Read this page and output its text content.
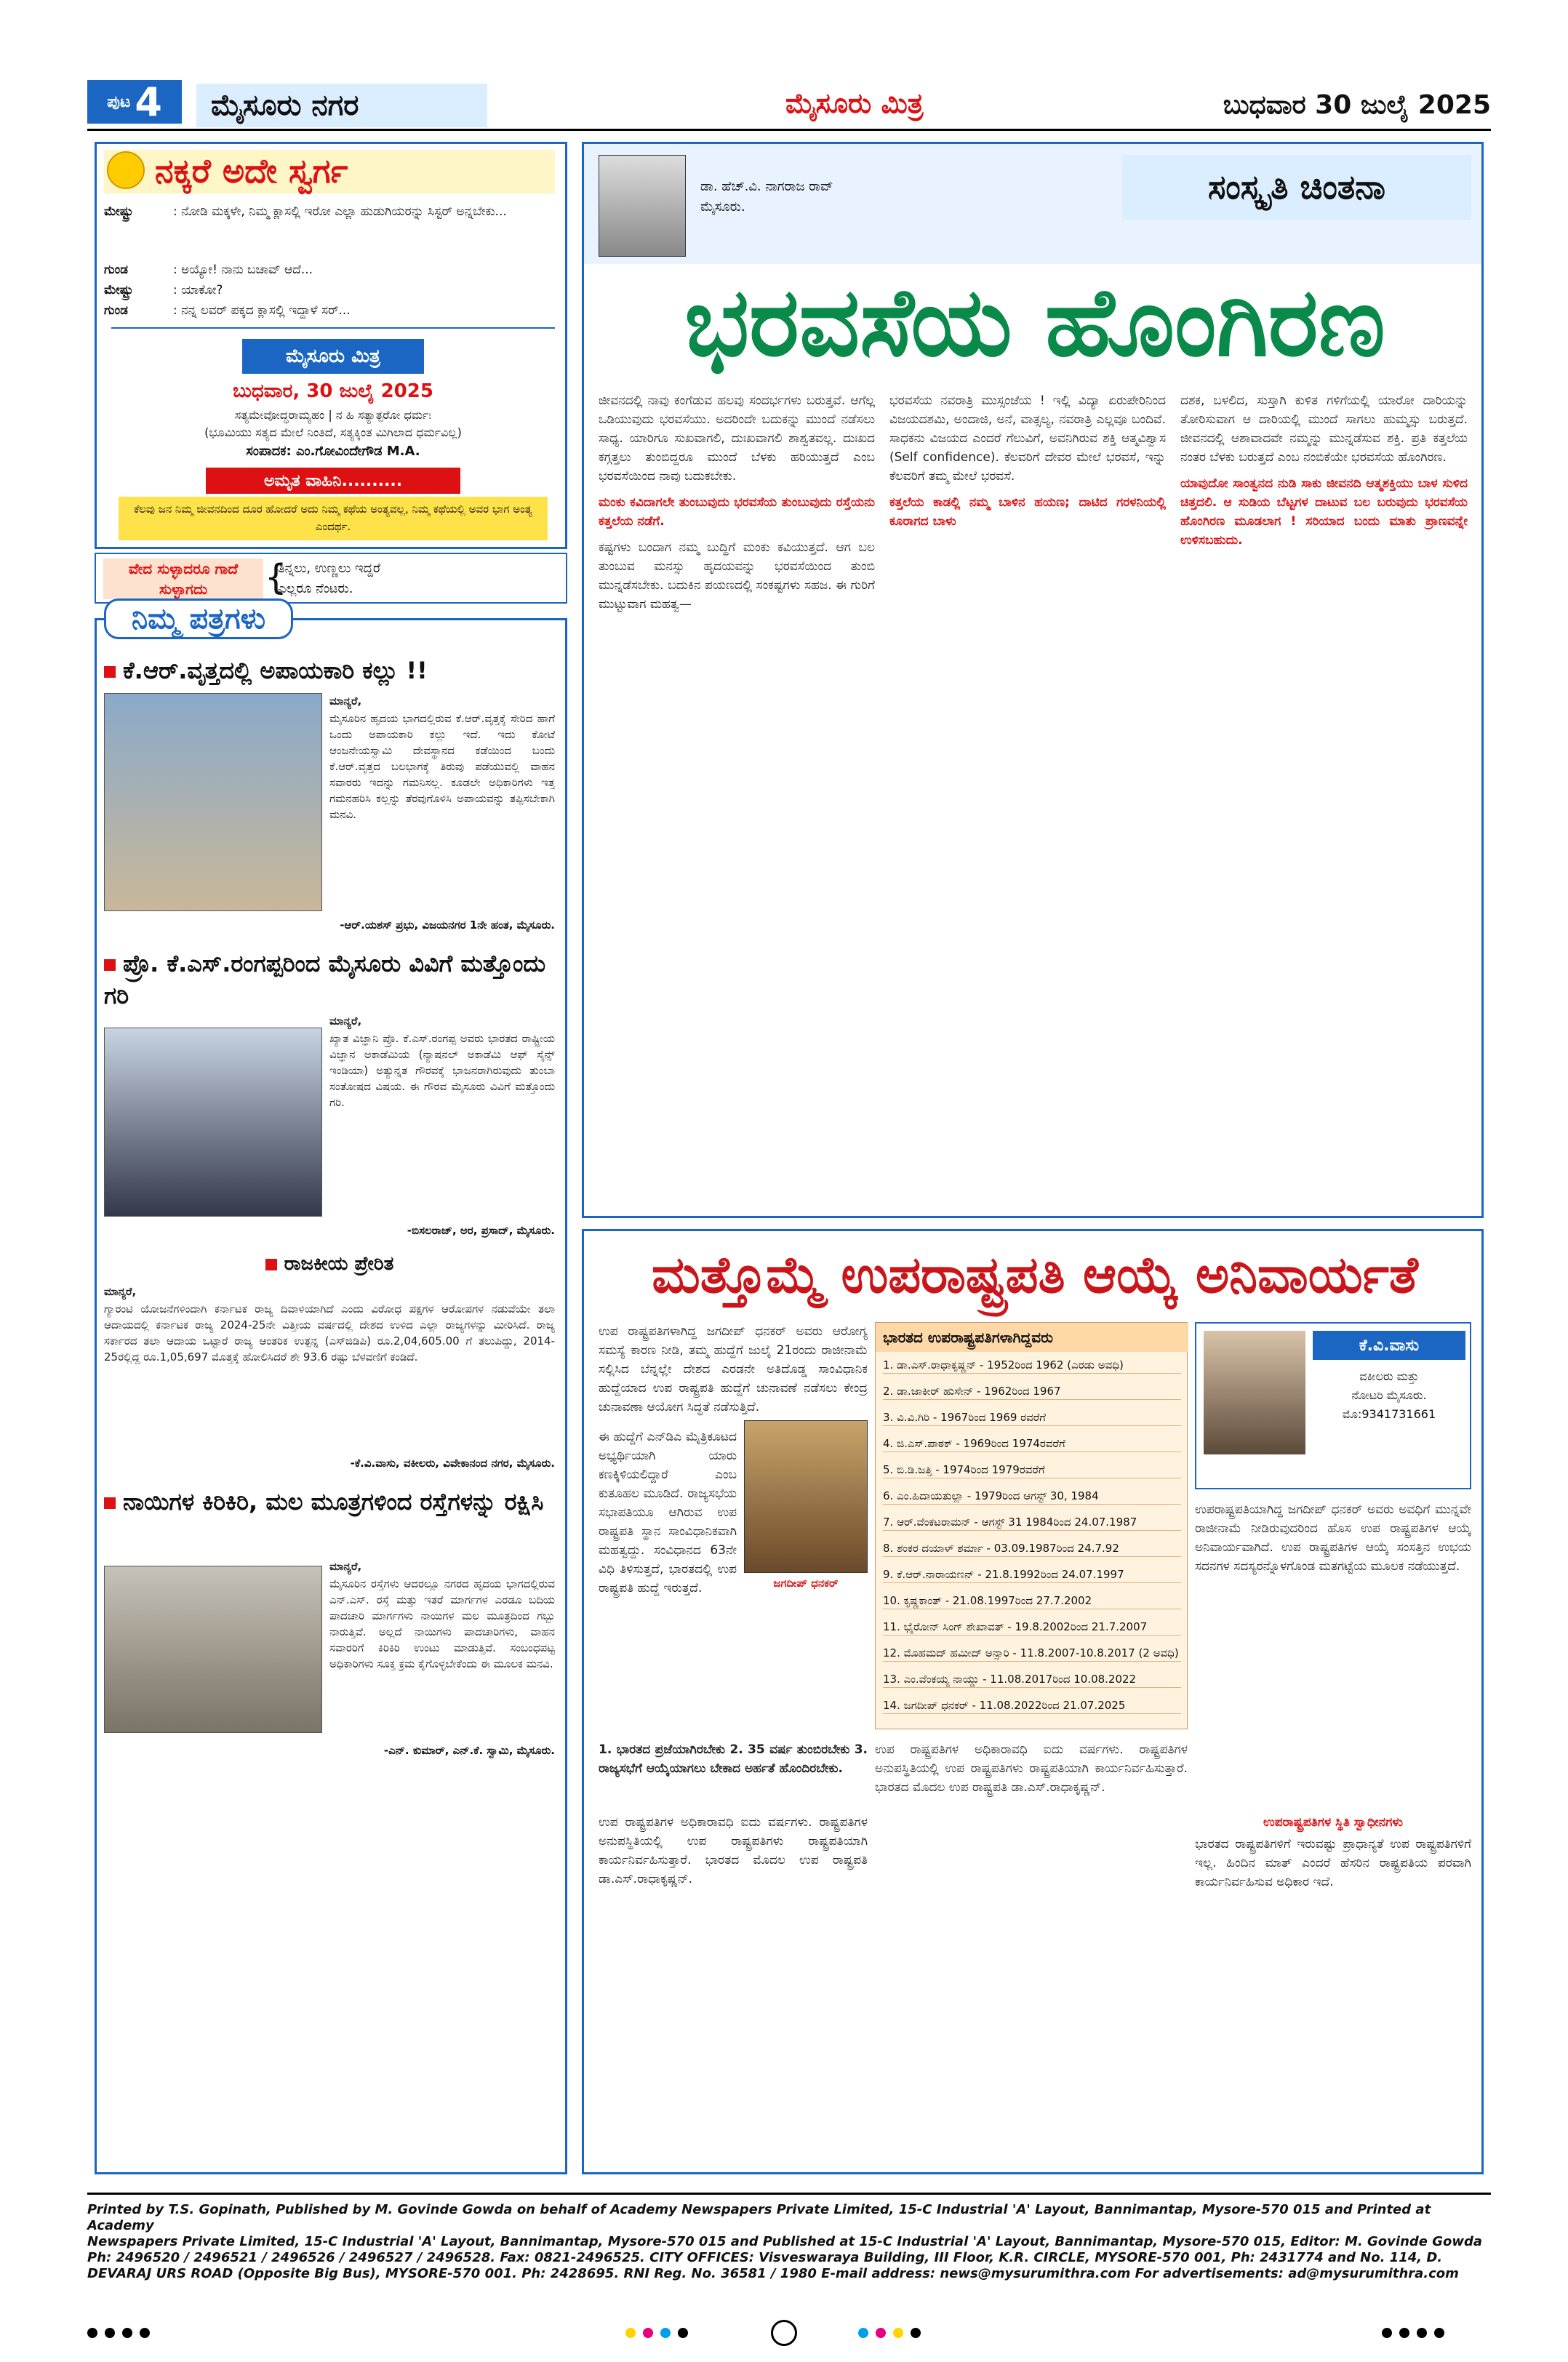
ಪುಟ 4	ಮೈಸೂರು ನಗರ	ಮೈಸೂರು ಮಿತ್ರ	ಬುಧವಾರ 30 ಜುಲೈ 2025
ನಕ್ಕರೆ ಅದೇ ಸ್ವರ್ಗ
ಮೇಷ್ಟ್ರು	: ನೋಡಿ ಮಕ್ಕಳೇ, ನಿಮ್ಮ ಕ್ಲಾಸಲ್ಲಿ ಇರೋ ಎಲ್ಲಾ ಹುಡುಗಿಯರನ್ನು ಸಿಸ್ಟರ್ ಅನ್ನಬೇಕು...
ಗುಂಡ	: ಅಯ್ಯೋ! ನಾನು ಬಚಾವ್ ಆದೆ...
ಮೇಷ್ಟ್ರು	: ಯಾಕೋ?
ಗುಂಡ	: ನನ್ನ ಲವರ್ ಪಕ್ಕದ ಕ್ಲಾಸಲ್ಲಿ ಇದ್ದಾಳೆ ಸರ್...
ಮೈಸೂರು ಮಿತ್ರ
ಬುಧವಾರ, 30 ಜುಲೈ 2025
ಸತ್ಯಮೇವೋದ್ಧರಾಮ್ಯಹಂ | ನ ಹಿ ಸತ್ಯಾತ್ಪರೋ ಧರ್ಮಃ
(ಭೂಮಿಯು ಸತ್ಯದ ಮೇಲೆ ನಿಂತಿದೆ, ಸತ್ಯಕ್ಕಿಂತ ಮಿಗಿಲಾದ ಧರ್ಮವಿಲ್ಲ)
ಸಂಪಾದಕ: ಎಂ.ಗೋವಿಂದೇಗೌಡ M.A.
ಅಮೃತ ವಾಹಿನಿ..........
ಕೆಲವು ಜನ ನಿಮ್ಮ ಜೀವನದಿಂದ ದೂರ ಹೋದರೆ ಅದು ನಿಮ್ಮ ಕಥೆಯ ಅಂತ್ಯವಲ್ಲ, ನಿಮ್ಮ ಕಥೆಯಲ್ಲಿ ಅವರ ಭಾಗ ಅಂತ್ಯ ಎಂದರ್ಥ.
ವೇದ ಸುಳ್ಳಾದರೂ ಗಾದೆ ಸುಳ್ಳಾಗದು	{
ತಿನ್ನಲು, ಉಣ್ಣಲು ಇದ್ದರೆ
ಎಲ್ಲರೂ ನೆಂಟರು.
ನಿಮ್ಮ ಪತ್ರಗಳು
ಕೆ.ಆರ್.ವೃತ್ತದಲ್ಲಿ ಅಪಾಯಕಾರಿ ಕಲ್ಲು !!
ಮಾನ್ಯರೆ,
ಮೈಸೂರಿನ ಹೃದಯ ಭಾಗದಲ್ಲಿರುವ ಕೆ.ಆರ್.ವೃತ್ತಕ್ಕೆ ಸೇರಿದ ಹಾಗೆ ಒಂದು ಅಪಾಯಕಾರಿ ಕಲ್ಲು ಇದೆ. ಇದು ಕೋಟೆ ಆಂಜನೇಯಸ್ವಾಮಿ ದೇವಸ್ಥಾನದ ಕಡೆಯಿಂದ ಬಂದು ಕೆ.ಆರ್.ವೃತ್ತದ ಬಲಭಾಗಕ್ಕೆ ತಿರುವು ಪಡೆಯುವಲ್ಲಿ ವಾಹನ ಸವಾರರು ಇದನ್ನು ಗಮನಿಸಲ್ಲ. ಕೂಡಲೇ ಅಧಿಕಾರಿಗಳು ಇತ್ತ ಗಮನಹರಿಸಿ ಕಲ್ಲನ್ನು ತೆರವುಗೊಳಿಸಿ ಅಪಾಯವನ್ನು ತಪ್ಪಿಸಬೇಕಾಗಿ ಮನವಿ.
-ಆರ್.ಯಶಸ್ ಪ್ರಭು, ವಿಜಯನಗರ 1ನೇ ಹಂತ, ಮೈಸೂರು.
ಪ್ರೊ. ಕೆ.ಎಸ್.ರಂಗಪ್ಪರಿಂದ ಮೈಸೂರು ವಿವಿಗೆ ಮತ್ತೊಂದು ಗರಿ
ಮಾನ್ಯರೆ,
ಖ್ಯಾತ ವಿಜ್ಞಾನಿ ಪ್ರೊ. ಕೆ.ಎಸ್.ರಂಗಪ್ಪ ಅವರು ಭಾರತದ ರಾಷ್ಟ್ರೀಯ ವಿಜ್ಞಾನ ಅಕಾಡೆಮಿಯ (ನ್ಯಾಷನಲ್ ಅಕಾಡೆಮಿ ಆಫ್ ಸೈನ್ಸ್ ಇಂಡಿಯಾ) ಅತ್ಯುನ್ನತ ಗೌರವಕ್ಕೆ ಭಾಜನರಾಗಿರುವುದು ತುಂಬಾ ಸಂತೋಷದ ವಿಷಯ. ಈ ಗೌರವ ಮೈಸೂರು ವಿವಿಗೆ ಮತ್ತೊಂದು ಗರಿ.
-ಬಿಸಲರಾಜ್, ಅರ, ಪ್ರಸಾದ್, ಮೈಸೂರು.
ರಾಜಕೀಯ ಪ್ರೇರಿತ
ಮಾನ್ಯರೆ,
ಗ್ಯಾರಂಟಿ ಯೋಜನೆಗಳಿಂದಾಗಿ ಕರ್ನಾಟಕ ರಾಜ್ಯ ದಿವಾಳಿಯಾಗಿದೆ ಎಂದು ವಿರೋಧ ಪಕ್ಷಗಳ ಆರೋಪಗಳ ನಡುವೆಯೇ ತಲಾ ಆದಾಯದಲ್ಲಿ ಕರ್ನಾಟಕ ರಾಜ್ಯ 2024-25ನೇ ವಿತ್ತೀಯ ವರ್ಷದಲ್ಲಿ ದೇಶದ ಉಳಿದ ಎಲ್ಲಾ ರಾಜ್ಯಗಳನ್ನು ಮೀರಿಸಿದೆ. ರಾಜ್ಯ ಸರ್ಕಾರದ ತಲಾ ಆದಾಯ ಒಟ್ಟಾರೆ ರಾಜ್ಯ ಆಂತರಿಕ ಉತ್ಪನ್ನ (ಎಸ್‌ಜಿಡಿಪಿ) ರೂ.2,04,605.00 ಗೆ ತಲುಪಿದ್ದು, 2014-25ರಲ್ಲಿದ್ದ ರೂ.1,05,697 ಮೊತ್ತಕ್ಕೆ ಹೋಲಿಸಿದರೆ ಶೇ 93.6 ರಷ್ಟು ಬೆಳವಣಿಗೆ ಕಂಡಿದೆ.
-ಕೆ.ವಿ.ವಾಸು, ವಕೀಲರು, ವಿವೇಕಾನಂದ ನಗರ, ಮೈಸೂರು.
ನಾಯಿಗಳ ಕಿರಿಕಿರಿ, ಮಲ ಮೂತ್ರಗಳಿಂದ ರಸ್ತೆಗಳನ್ನು ರಕ್ಷಿಸಿ
ಮಾನ್ಯರೆ,
ಮೈಸೂರಿನ ರಸ್ತೆಗಳು ಆದರಲ್ಲೂ ನಗರದ ಹೃದಯ ಭಾಗದಲ್ಲಿರುವ ಎನ್.ಎಸ್. ರಸ್ತೆ ಮತ್ತು ಇತರೆ ಮಾರ್ಗಗಳ ಎರಡೂ ಬದಿಯ ಪಾದಚಾರಿ ಮಾರ್ಗಗಳು ನಾಯಿಗಳ ಮಲ ಮೂತ್ರದಿಂದ ಗಬ್ಬು ನಾರುತ್ತಿವೆ. ಅಲ್ಲದೆ ನಾಯಿಗಳು ಪಾದಚಾರಿಗಳು, ವಾಹನ ಸವಾರರಿಗೆ ಕಿರಿಕಿರಿ ಉಂಟು ಮಾಡುತ್ತಿವೆ. ಸಂಬಂಧಪಟ್ಟ ಅಧಿಕಾರಿಗಳು ಸೂಕ್ತ ಕ್ರಮ ಕೈಗೊಳ್ಳಬೇಕೆಂದು ಈ ಮೂಲಕ ಮನವಿ.
-ಎನ್. ಕುಮಾರ್, ಎನ್.ಕೆ. ಸ್ವಾಮಿ, ಮೈಸೂರು.
ಡಾ. ಹೆಚ್.ವಿ. ನಾಗರಾಜ ರಾವ್
ಮೈಸೂರು.
ಸಂಸ್ಕೃತಿ ಚಿಂತನಾ
ಭರವಸೆಯ ಹೊಂಗಿರಣ

ಜೀವನದಲ್ಲಿ ನಾವು ಕಂಗೆಡುವ ಹಲವು ಸಂದರ್ಭಗಳು ಬರುತ್ತವೆ. ಆಗೆಲ್ಲ ಒಡಿಯುವುದು ಭರವಸೆಯು. ಅದರಿಂದೇ ಬದುಕನ್ನು ಮುಂದೆ ನಡೆಸಲು ಸಾಧ್ಯ. ಯಾರಿಗೂ ಸುಖವಾಗಲಿ, ದುಃಖವಾಗಲಿ ಶಾಶ್ವತವಲ್ಲ. ದುಃಖದ ಕಗ್ಗತ್ತಲು ತುಂಬಿದ್ದರೂ ಮುಂದೆ ಬೆಳಕು ಹರಿಯುತ್ತದೆ ಎಂಬ ಭರವಸೆಯಿಂದ ನಾವು ಬದುಕಬೇಕು.

ಮಂಕು ಕವಿದಾಗಲೇ ತುಂಬುವುದು ಭರವಸೆಯ ತುಂಬುವುದು ರಸ್ತೆಯನು ಕತ್ತಲೆಯ ನಡೆಗೆ.

ಕಷ್ಟಗಳು ಬಂದಾಗ ನಮ್ಮ ಬುದ್ಧಿಗೆ ಮಂಕು ಕವಿಯುತ್ತದೆ. ಆಗ ಬಲ ತುಂಬುವ ಮನಸ್ಸು ಹೃದಯವನ್ನು ಭರವಸೆಯಿಂದ ತುಂಬಿ ಮುನ್ನಡೆಸಬೇಕು. ಬದುಕಿನ ಪಯಣದಲ್ಲಿ ಸಂಕಷ್ಟಗಳು ಸಹಜ. ಈ ಗುರಿಗೆ ಮುಟ್ಟುವಾಗ ಮಹತ್ವ—

ಭರವಸೆಯ ನವರಾತ್ರಿ ಮುಸ್ಸಂಜೆಯ ! ಇಲ್ಲಿ ವಿದ್ಯಾ ಏರುಪೇರಿನಿಂದ ವಿಜಯದಶಮಿ, ಅಂದಾಜಿ, ಅನೆ, ವಾತ್ಸಲ್ಯ, ನವರಾತ್ರಿ ಎಲ್ಲವೂ ಬಂದಿವೆ. ಸಾಧಕನು ವಿಜಯದ ಎಂದರೆ ಗೆಲುವಿಗೆ, ಅವನಿಗಿರುವ ಶಕ್ತಿ ಆತ್ಮವಿಶ್ವಾಸ (Self confidence). ಕೆಲವರಿಗೆ ದೇವರ ಮೇಲೆ ಭರವಸೆ, ಇನ್ನು ಕೆಲವರಿಗೆ ತಮ್ಮ ಮೇಲೆ ಭರವಸೆ.

ಕತ್ತಲೆಯ ಕಾಡಲ್ಲಿ ನಮ್ಮ ಬಾಳಿನ ಹಯಣ; ದಾಟಿದ ಗರಳನಿಯಲ್ಲಿ ಕೂರಾಗದ ಬಾಳು

ದಶಕ, ಬಳಲಿದ, ಸುಸ್ತಾಗಿ ಕುಳಿತ ಗಳಿಗೆಯಲ್ಲಿ ಯಾರೋ ದಾರಿಯನ್ನು ತೋರಿಸುವಾಗ ಆ ದಾರಿಯಲ್ಲಿ ಮುಂದೆ ಸಾಗಲು ಹುಮ್ಮಸ್ಸು ಬರುತ್ತದೆ. ಜೀವನದಲ್ಲಿ ಆಶಾವಾದವೇ ನಮ್ಮನ್ನು ಮುನ್ನಡೆಸುವ ಶಕ್ತಿ. ಪ್ರತಿ ಕತ್ತಲೆಯ ನಂತರ ಬೆಳಕು ಬರುತ್ತದೆ ಎಂಬ ನಂಬಿಕೆಯೇ ಭರವಸೆಯ ಹೊಂಗಿರಣ.

ಯಾವುದೋ ಸಾಂತ್ವನದ ನುಡಿ ಸಾಕು ಜೀವನದಿ ಆತ್ಮಶಕ್ತಿಯು ಬಾಳ ಸುಳಿದ ಚಿತ್ತದಲಿ. ಆ ಸುಡಿಯ ಬೆಟ್ಟಗಳ ದಾಟುವ ಬಲ ಬರುವುದು ಭರವಸೆಯ ಹೊಂಗಿರಣ ಮೂಡಲಾಗ ! ಸರಿಯಾದ ಬಂದು ಮಾತು ಪ್ರಾಣವನ್ನೇ ಉಳಿಸಬಹುದು.

ಮತ್ತೊಮ್ಮೆ ಉಪರಾಷ್ಟ್ರಪತಿ ಆಯ್ಕೆ ಅನಿವಾರ್ಯತೆ
ಉಪ ರಾಷ್ಟ್ರಪತಿಗಳಾಗಿದ್ದ ಜಗದೀಪ್ ಧನಕರ್ ಅವರು ಆರೋಗ್ಯ ಸಮಸ್ಯೆ ಕಾರಣ ನೀಡಿ, ತಮ್ಮ ಹುದ್ದೆಗೆ ಜುಲೈ 21ರಂದು ರಾಜೀನಾಮೆ ಸಲ್ಲಿಸಿದ ಬೆನ್ನಲ್ಲೇ ದೇಶದ ಎರಡನೇ ಅತಿದೊಡ್ಡ ಸಾಂವಿಧಾನಿಕ ಹುದ್ದೆಯಾದ ಉಪ ರಾಷ್ಟ್ರಪತಿ ಹುದ್ದೆಗೆ ಚುನಾವಣೆ ನಡೆಸಲು ಕೇಂದ್ರ ಚುನಾವಣಾ ಆಯೋಗ ಸಿದ್ಧತೆ ನಡೆಸುತ್ತಿದೆ.
ಈ ಹುದ್ದೆಗೆ ಎನ್‌ಡಿಎ ಮೈತ್ರಿಕೂಟದ ಅಭ್ಯರ್ಥಿಯಾಗಿ ಯಾರು ಕಣಕ್ಕಿಳಿಯಲಿದ್ದಾರೆ ಎಂಬ ಕುತೂಹಲ ಮೂಡಿದೆ. ರಾಜ್ಯಸಭೆಯ ಸಭಾಪತಿಯೂ ಆಗಿರುವ ಉಪ ರಾಷ್ಟ್ರಪತಿ ಸ್ಥಾನ ಸಾಂವಿಧಾನಿಕವಾಗಿ ಮಹತ್ವದ್ದು. ಸಂವಿಧಾನದ 63ನೇ ವಿಧಿ ತಿಳಿಸುತ್ತದೆ, ಭಾರತದಲ್ಲಿ ಉಪ ರಾಷ್ಟ್ರಪತಿ ಹುದ್ದೆ ಇರುತ್ತದೆ.	ಜಗದೀಪ್ ಧನಕರ್
1. ಭಾರತದ ಪ್ರಜೆಯಾಗಿರಬೇಕು 2. 35 ವರ್ಷ ತುಂಬಿರಬೇಕು 3. ರಾಜ್ಯಸಭೆಗೆ ಆಯ್ಕೆಯಾಗಲು ಬೇಕಾದ ಅರ್ಹತೆ ಹೊಂದಿರಬೇಕು.
ಉಪ ರಾಷ್ಟ್ರಪತಿಗಳ ಅಧಿಕಾರಾವಧಿ ಐದು ವರ್ಷಗಳು. ರಾಷ್ಟ್ರಪತಿಗಳ ಅನುಪಸ್ಥಿತಿಯಲ್ಲಿ ಉಪ ರಾಷ್ಟ್ರಪತಿಗಳು ರಾಷ್ಟ್ರಪತಿಯಾಗಿ ಕಾರ್ಯನಿರ್ವಹಿಸುತ್ತಾರೆ. ಭಾರತದ ಮೊದಲ ಉಪ ರಾಷ್ಟ್ರಪತಿ ಡಾ.ಎಸ್.ರಾಧಾಕೃಷ್ಣನ್.
ಭಾರತದ ಉಪರಾಷ್ಟ್ರಪತಿಗಳಾಗಿದ್ದವರು
1. ಡಾ.ಎಸ್.ರಾಧಾಕೃಷ್ಣನ್ - 1952ರಿಂದ 1962 (ಎರಡು ಅವಧಿ)
2. ಡಾ.ಜಾಕೀರ್ ಹುಸೇನ್ - 1962ರಿಂದ 1967
3. ವಿ.ವಿ.ಗಿರಿ - 1967ರಿಂದ 1969 ರವರೆಗೆ
4. ಜಿ.ಎಸ್.ಪಾಠಕ್ - 1969ರಿಂದ 1974ರವರೆಗೆ
5. ಬಿ.ಡಿ.ಜತ್ತಿ - 1974ರಿಂದ 1979ರವರೆಗೆ
6. ಎಂ.ಹಿದಾಯತುಲ್ಲಾ - 1979ರಿಂದ ಆಗಸ್ಟ್ 30, 1984
7. ಆರ್.ವೆಂಕಟರಾಮನ್ - ಆಗಸ್ಟ್ 31 1984ರಿಂದ 24.07.1987
8. ಶಂಕರ ದಯಾಳ್ ಶರ್ಮಾ - 03.09.1987ರಿಂದ 24.7.92
9. ಕೆ.ಆರ್.ನಾರಾಯಣನ್ - 21.8.1992ರಿಂದ 24.07.1997
10. ಕೃಷ್ಣಕಾಂತ್ - 21.08.1997ರಿಂದ 27.7.2002
11. ಭೈರೋನ್ ಸಿಂಗ್ ಶೇಖಾವತ್ - 19.8.2002ರಿಂದ 21.7.2007
12. ಮೊಹಮದ್ ಹಮೀದ್ ಅನ್ಸಾರಿ - 11.8.2007-10.8.2017 (2 ಅವಧಿ)
13. ಎಂ.ವೆಂಕಯ್ಯ ನಾಯ್ಡು - 11.08.2017ರಿಂದ 10.08.2022
14. ಜಗದೀಪ್ ಧನಕರ್ - 11.08.2022ರಿಂದ 21.07.2025
ಕೆ.ವಿ.ವಾಸು
ವಕೀಲರು ಮತ್ತು
ನೋಟರಿ ಮೈಸೂರು.
ಮೊ:9341731661
ಉಪ ರಾಷ್ಟ್ರಪತಿಗಳ ಅಧಿಕಾರಾವಧಿ ಐದು ವರ್ಷಗಳು. ರಾಷ್ಟ್ರಪತಿಗಳ ಅನುಪಸ್ಥಿತಿಯಲ್ಲಿ ಉಪ ರಾಷ್ಟ್ರಪತಿಗಳು ರಾಷ್ಟ್ರಪತಿಯಾಗಿ ಕಾರ್ಯನಿರ್ವಹಿಸುತ್ತಾರೆ. ಭಾರತದ ಮೊದಲ ಉಪ ರಾಷ್ಟ್ರಪತಿ ಡಾ.ಎಸ್.ರಾಧಾಕೃಷ್ಣನ್.
ಉಪರಾಷ್ಟ್ರಪತಿಯಾಗಿದ್ದ ಜಗದೀಪ್ ಧನಕರ್ ಅವರು ಅವಧಿಗೆ ಮುನ್ನವೇ ರಾಜೀನಾಮೆ ನೀಡಿರುವುದರಿಂದ ಹೊಸ ಉಪ ರಾಷ್ಟ್ರಪತಿಗಳ ಆಯ್ಕೆ ಅನಿವಾರ್ಯವಾಗಿದೆ. ಉಪ ರಾಷ್ಟ್ರಪತಿಗಳ ಆಯ್ಕೆ ಸಂಸತ್ತಿನ ಉಭಯ ಸದನಗಳ ಸದಸ್ಯರನ್ನೊಳಗೊಂಡ ಮತಗಟ್ಟೆಯ ಮೂಲಕ ನಡೆಯುತ್ತದೆ.
ಉಪರಾಷ್ಟ್ರಪತಿಗಳ ಸ್ಥಿತಿ ಸ್ವಾಧೀನಗಳು
ಭಾರತದ ರಾಷ್ಟ್ರಪತಿಗಳಿಗೆ ಇರುವಷ್ಟು ಪ್ರಾಧಾನ್ಯತೆ ಉಪ ರಾಷ್ಟ್ರಪತಿಗಳಿಗೆ ಇಲ್ಲ. ಹಿಂದಿನ ಮಾತ್ ಎಂದರೆ ಹೆಸರಿನ ರಾಷ್ಟ್ರಪತಿಯ ಪರವಾಗಿ ಕಾರ್ಯನಿರ್ವಹಿಸುವ ಅಧಿಕಾರ ಇದೆ.
Printed by T.S. Gopinath, Published by M. Govinde Gowda on behalf of Academy Newspapers Private Limited, 15-C Industrial 'A' Layout, Bannimantap, Mysore-570 015 and Printed at Academy
Newspapers Private Limited, 15-C Industrial 'A' Layout, Bannimantap, Mysore-570 015 and Published at 15-C Industrial 'A' Layout, Bannimantap, Mysore-570 015, Editor: M. Govinde Gowda
Ph: 2496520 / 2496521 / 2496526 / 2496527 / 2496528. Fax: 0821-2496525. CITY OFFICES: Visveswaraya Building, III Floor, K.R. CIRCLE, MYSORE-570 001, Ph: 2431774 and No. 114, D.
DEVARAJ URS ROAD (Opposite Big Bus), MYSORE-570 001. Ph: 2428695. RNI Reg. No. 36581 / 1980 E-mail address: news@mysurumithra.com For advertisements: ad@mysurumithra.com
